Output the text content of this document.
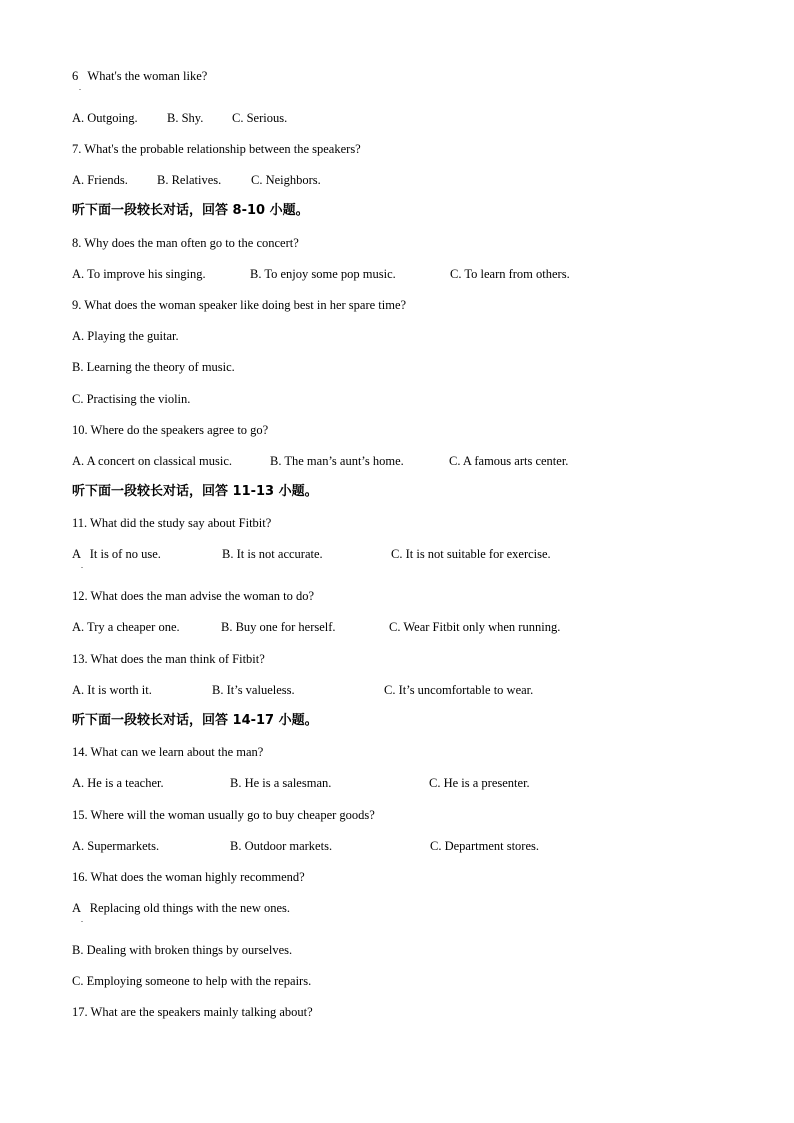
6   What's the woman like?
.
A. Outgoing. B. Shy. C. Serious.
7. What's the probable relationship between the speakers?
A. Friends. B. Relatives. C. Neighbors.
听下面一段较长对话，回答 8-10 小题。
8. Why does the man often go to the concert?
A. To improve his singing.	B. To enjoy some pop music.	C. To learn from others.
9. What does the woman speaker like doing best in her spare time?
A. Playing the guitar.
B. Learning the theory of music.
C. Practising the violin.
10. Where do the speakers agree to go?
A. A concert on classical music.	B. The man’s aunt’s home.	C. A famous arts center.
听下面一段较长对话，回答 11-13 小题。
11. What did the study say about Fitbit?
A   It is of no use.
.
B. It is not accurate.	C. It is not suitable for exercise.
12. What does the man advise the woman to do?
A. Try a cheaper one.	B. Buy one for herself.	C. Wear Fitbit only when running.
13. What does the man think of Fitbit?
A. It is worth it.	B. It’s valueless.	C. It’s uncomfortable to wear.
听下面一段较长对话，回答 14-17 小题。
14. What can we learn about the man?
A. He is a teacher.	B. He is a salesman.	C. He is a presenter.
15. Where will the woman usually go to buy cheaper goods?
A. Supermarkets.	B. Outdoor markets.	C. Department stores.
16. What does the woman highly recommend?
A   Replacing old things with the new ones.
.
B. Dealing with broken things by ourselves.
C. Employing someone to help with the repairs.
17. What are the speakers mainly talking about?
